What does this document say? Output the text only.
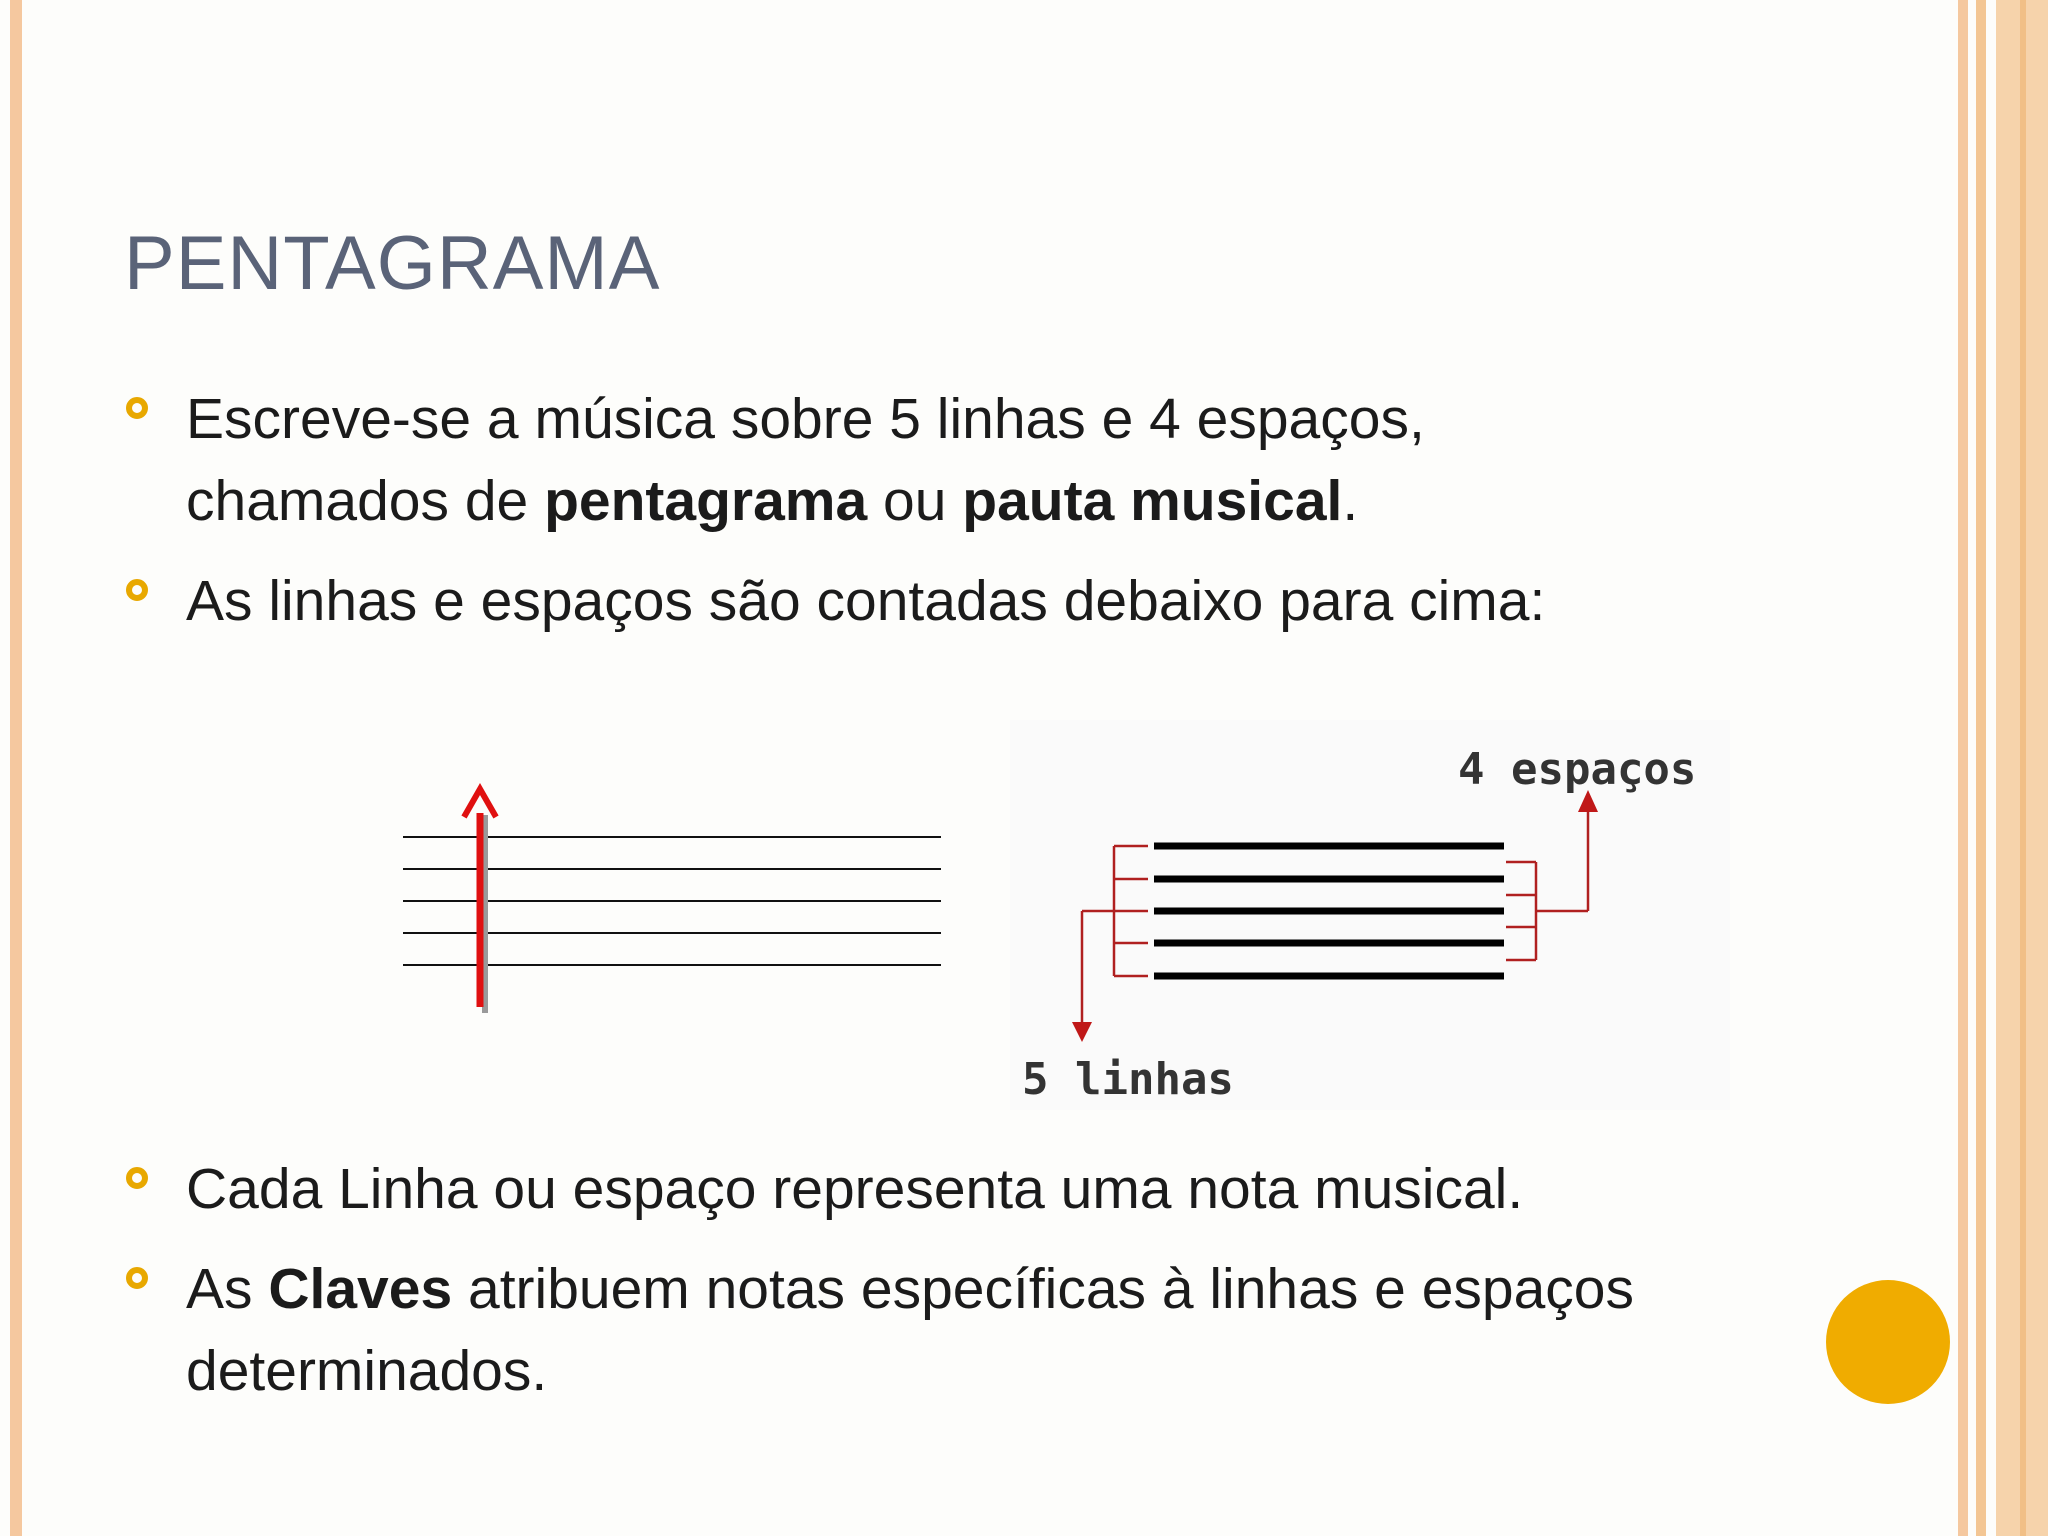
PENTAGRAMA
Escreve-se a música sobre 5 linhas e 4 espaços,
chamados de pentagrama ou pauta musical.
As linhas e espaços são contadas debaixo para cima:
4 espaços
5 linhas
Cada Linha ou espaço representa uma nota musical.
As Claves atribuem notas específicas à linhas e espaços
determinados.
